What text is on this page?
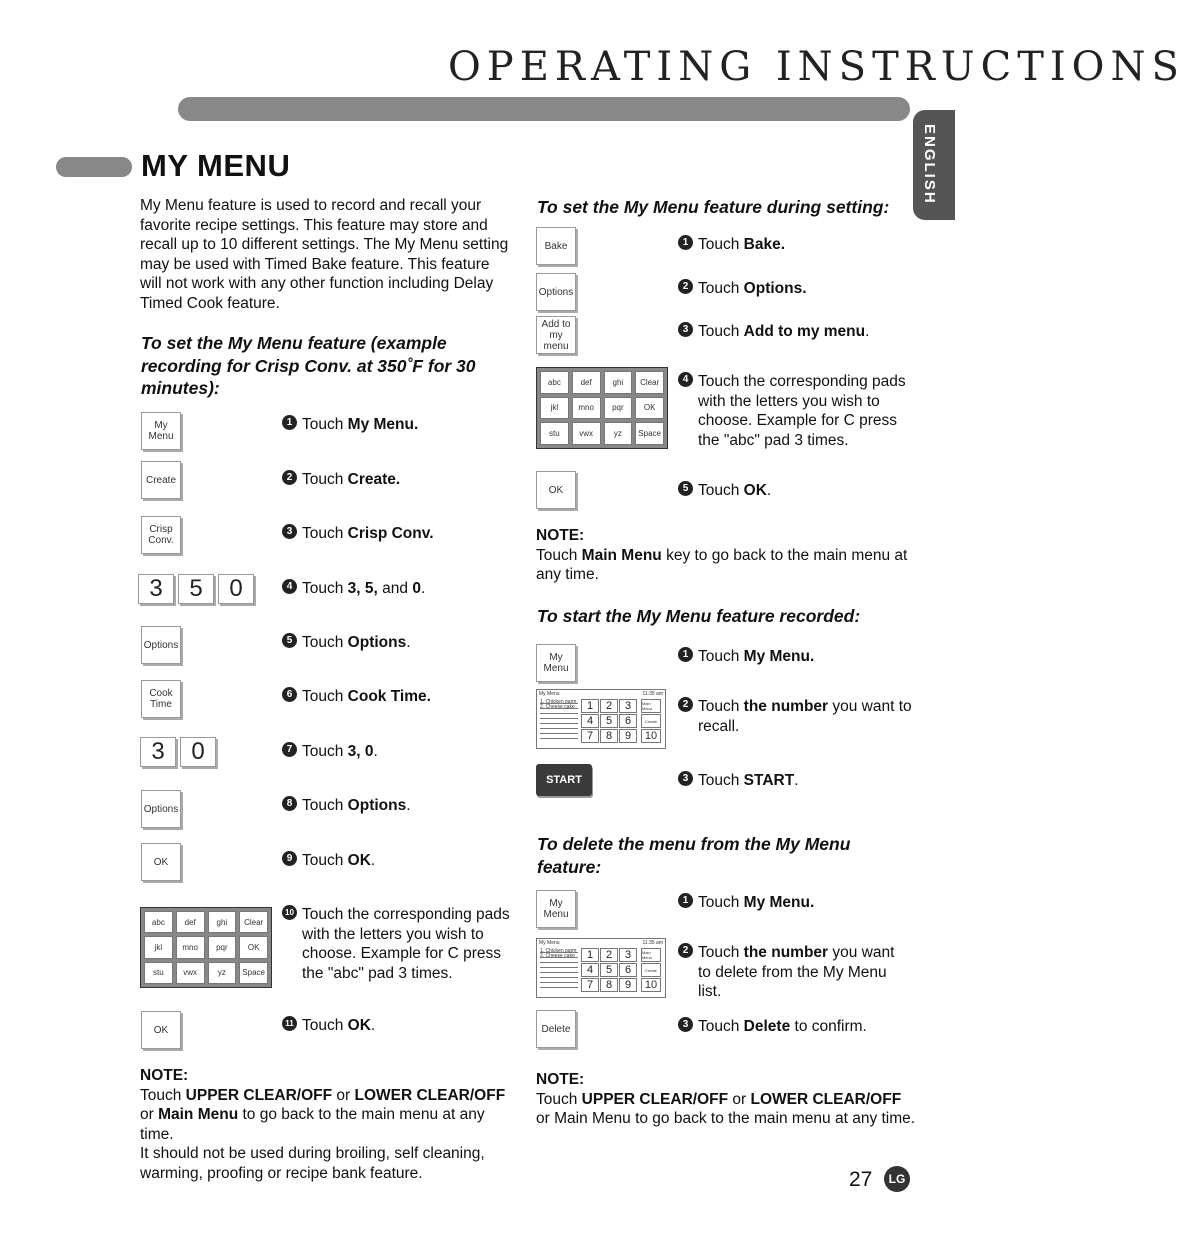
OPERATING INSTRUCTIONS
ENGLISH
MY MENU
My Menu feature is used to record and recall your favorite recipe settings. This feature may store and recall up to 10 different settings. The My Menu setting may be used with Timed Bake feature. This feature will not work with any other function including Delay Timed Cook feature.
To set the My Menu feature (example recording for Crisp Conv. at 350˚F for 30 minutes):
My Menu
Create
Crisp Conv.
3	5	0
Options
Cook Time
3	0
Options
OK
abc	def	ghi	Clear
jkl	mno	pqr	OK
stu	vwx	yz	Space
OK
1 Touch My Menu.
2 Touch Create.
3 Touch Crisp Conv.
4 Touch 3, 5, and 0.
5 Touch Options.
6 Touch Cook Time.
7 Touch 3, 0.
8 Touch Options.
9 Touch OK.
10 Touch the corresponding pads with the letters you wish to choose. Example for C press the "abc" pad 3 times.
11 Touch OK.
NOTE:
Touch UPPER CLEAR/OFF or LOWER CLEAR/OFF
or Main Menu to go back to the main menu at any time.
It should not be used during broiling, self cleaning, warming, proofing or recipe bank feature.
To set the My Menu feature during setting:
Bake
Options
Add to my menu
abc	def	ghi	Clear
jkl	mno	pqr	OK
stu	vwx	yz	Space
OK
1 Touch Bake.
2 Touch Options.
3 Touch Add to my menu.
4 Touch the corresponding pads with the letters you wish to choose. Example for C press the "abc" pad 3 times.
5 Touch OK.
NOTE:
Touch Main Menu key to go back to the main menu at any time.
To start the My Menu feature recorded:
My Menu
My Menu	11:35 am
1. Chicken parm
2. Cheese cake	1	2	3
4	5	6
7	8	9
Main Menu
Create
10
START
1 Touch My Menu.
2 Touch the number you want to recall.
3 Touch START.
To delete the menu from the My Menu feature:
My Menu
My Menu	11:35 am
1. Chicken parm
2. Cheese cake	1	2	3
4	5	6
7	8	9
Main Menu
Create
10
Delete
1 Touch My Menu.
2 Touch the number you want to delete from the My Menu list.
3 Touch Delete to confirm.
NOTE:
Touch UPPER CLEAR/OFF or LOWER CLEAR/OFF
or Main Menu to go back to the main menu at any time.
27	LG
